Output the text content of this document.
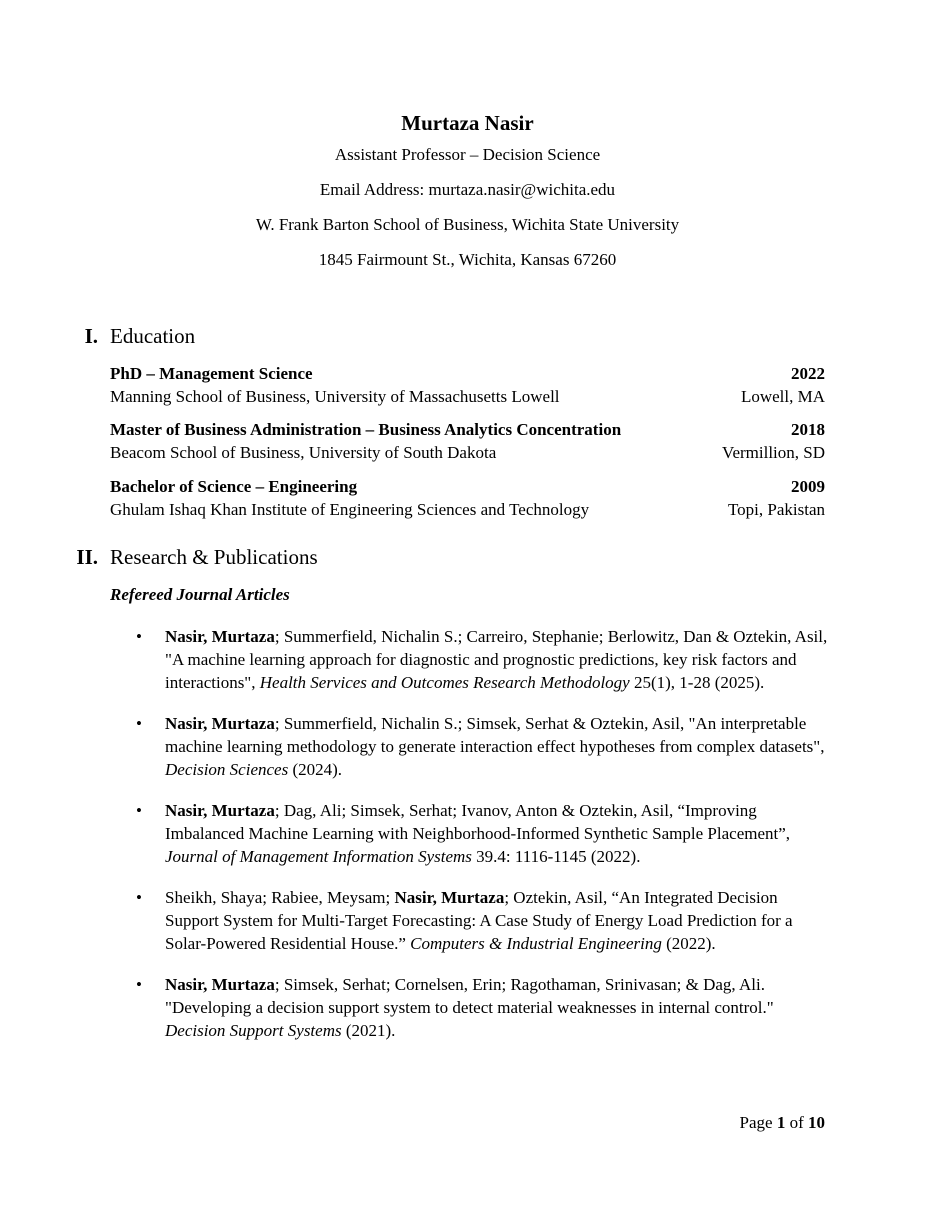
Murtaza Nasir
Assistant Professor – Decision Science
Email Address: murtaza.nasir@wichita.edu
W. Frank Barton School of Business, Wichita State University
1845 Fairmount St., Wichita, Kansas 67260
I. Education
PhD – Management Science	2022
Manning School of Business, University of Massachusetts Lowell	Lowell, MA
Master of Business Administration – Business Analytics Concentration	2018
Beacom School of Business, University of South Dakota	Vermillion, SD
Bachelor of Science – Engineering	2009
Ghulam Ishaq Khan Institute of Engineering Sciences and Technology	Topi, Pakistan
II. Research & Publications
Refereed Journal Articles
• Nasir, Murtaza; Summerfield, Nichalin S.; Carreiro, Stephanie; Berlowitz, Dan & Oztekin, Asil, "A machine learning approach for diagnostic and prognostic predictions, key risk factors and interactions", Health Services and Outcomes Research Methodology 25(1), 1-28 (2025).
• Nasir, Murtaza; Summerfield, Nichalin S.; Simsek, Serhat & Oztekin, Asil, "An interpretable machine learning methodology to generate interaction effect hypotheses from complex datasets", Decision Sciences (2024).
• Nasir, Murtaza; Dag, Ali; Simsek, Serhat; Ivanov, Anton & Oztekin, Asil, “Improving Imbalanced Machine Learning with Neighborhood-Informed Synthetic Sample Placement”, Journal of Management Information Systems 39.4: 1116-1145 (2022).
• Sheikh, Shaya; Rabiee, Meysam; Nasir, Murtaza; Oztekin, Asil, “An Integrated Decision Support System for Multi-Target Forecasting: A Case Study of Energy Load Prediction for a Solar-Powered Residential House.” Computers & Industrial Engineering (2022).
• Nasir, Murtaza; Simsek, Serhat; Cornelsen, Erin; Ragothaman, Srinivasan; & Dag, Ali. "Developing a decision support system to detect material weaknesses in internal control." Decision Support Systems (2021).
Page 1 of 10
